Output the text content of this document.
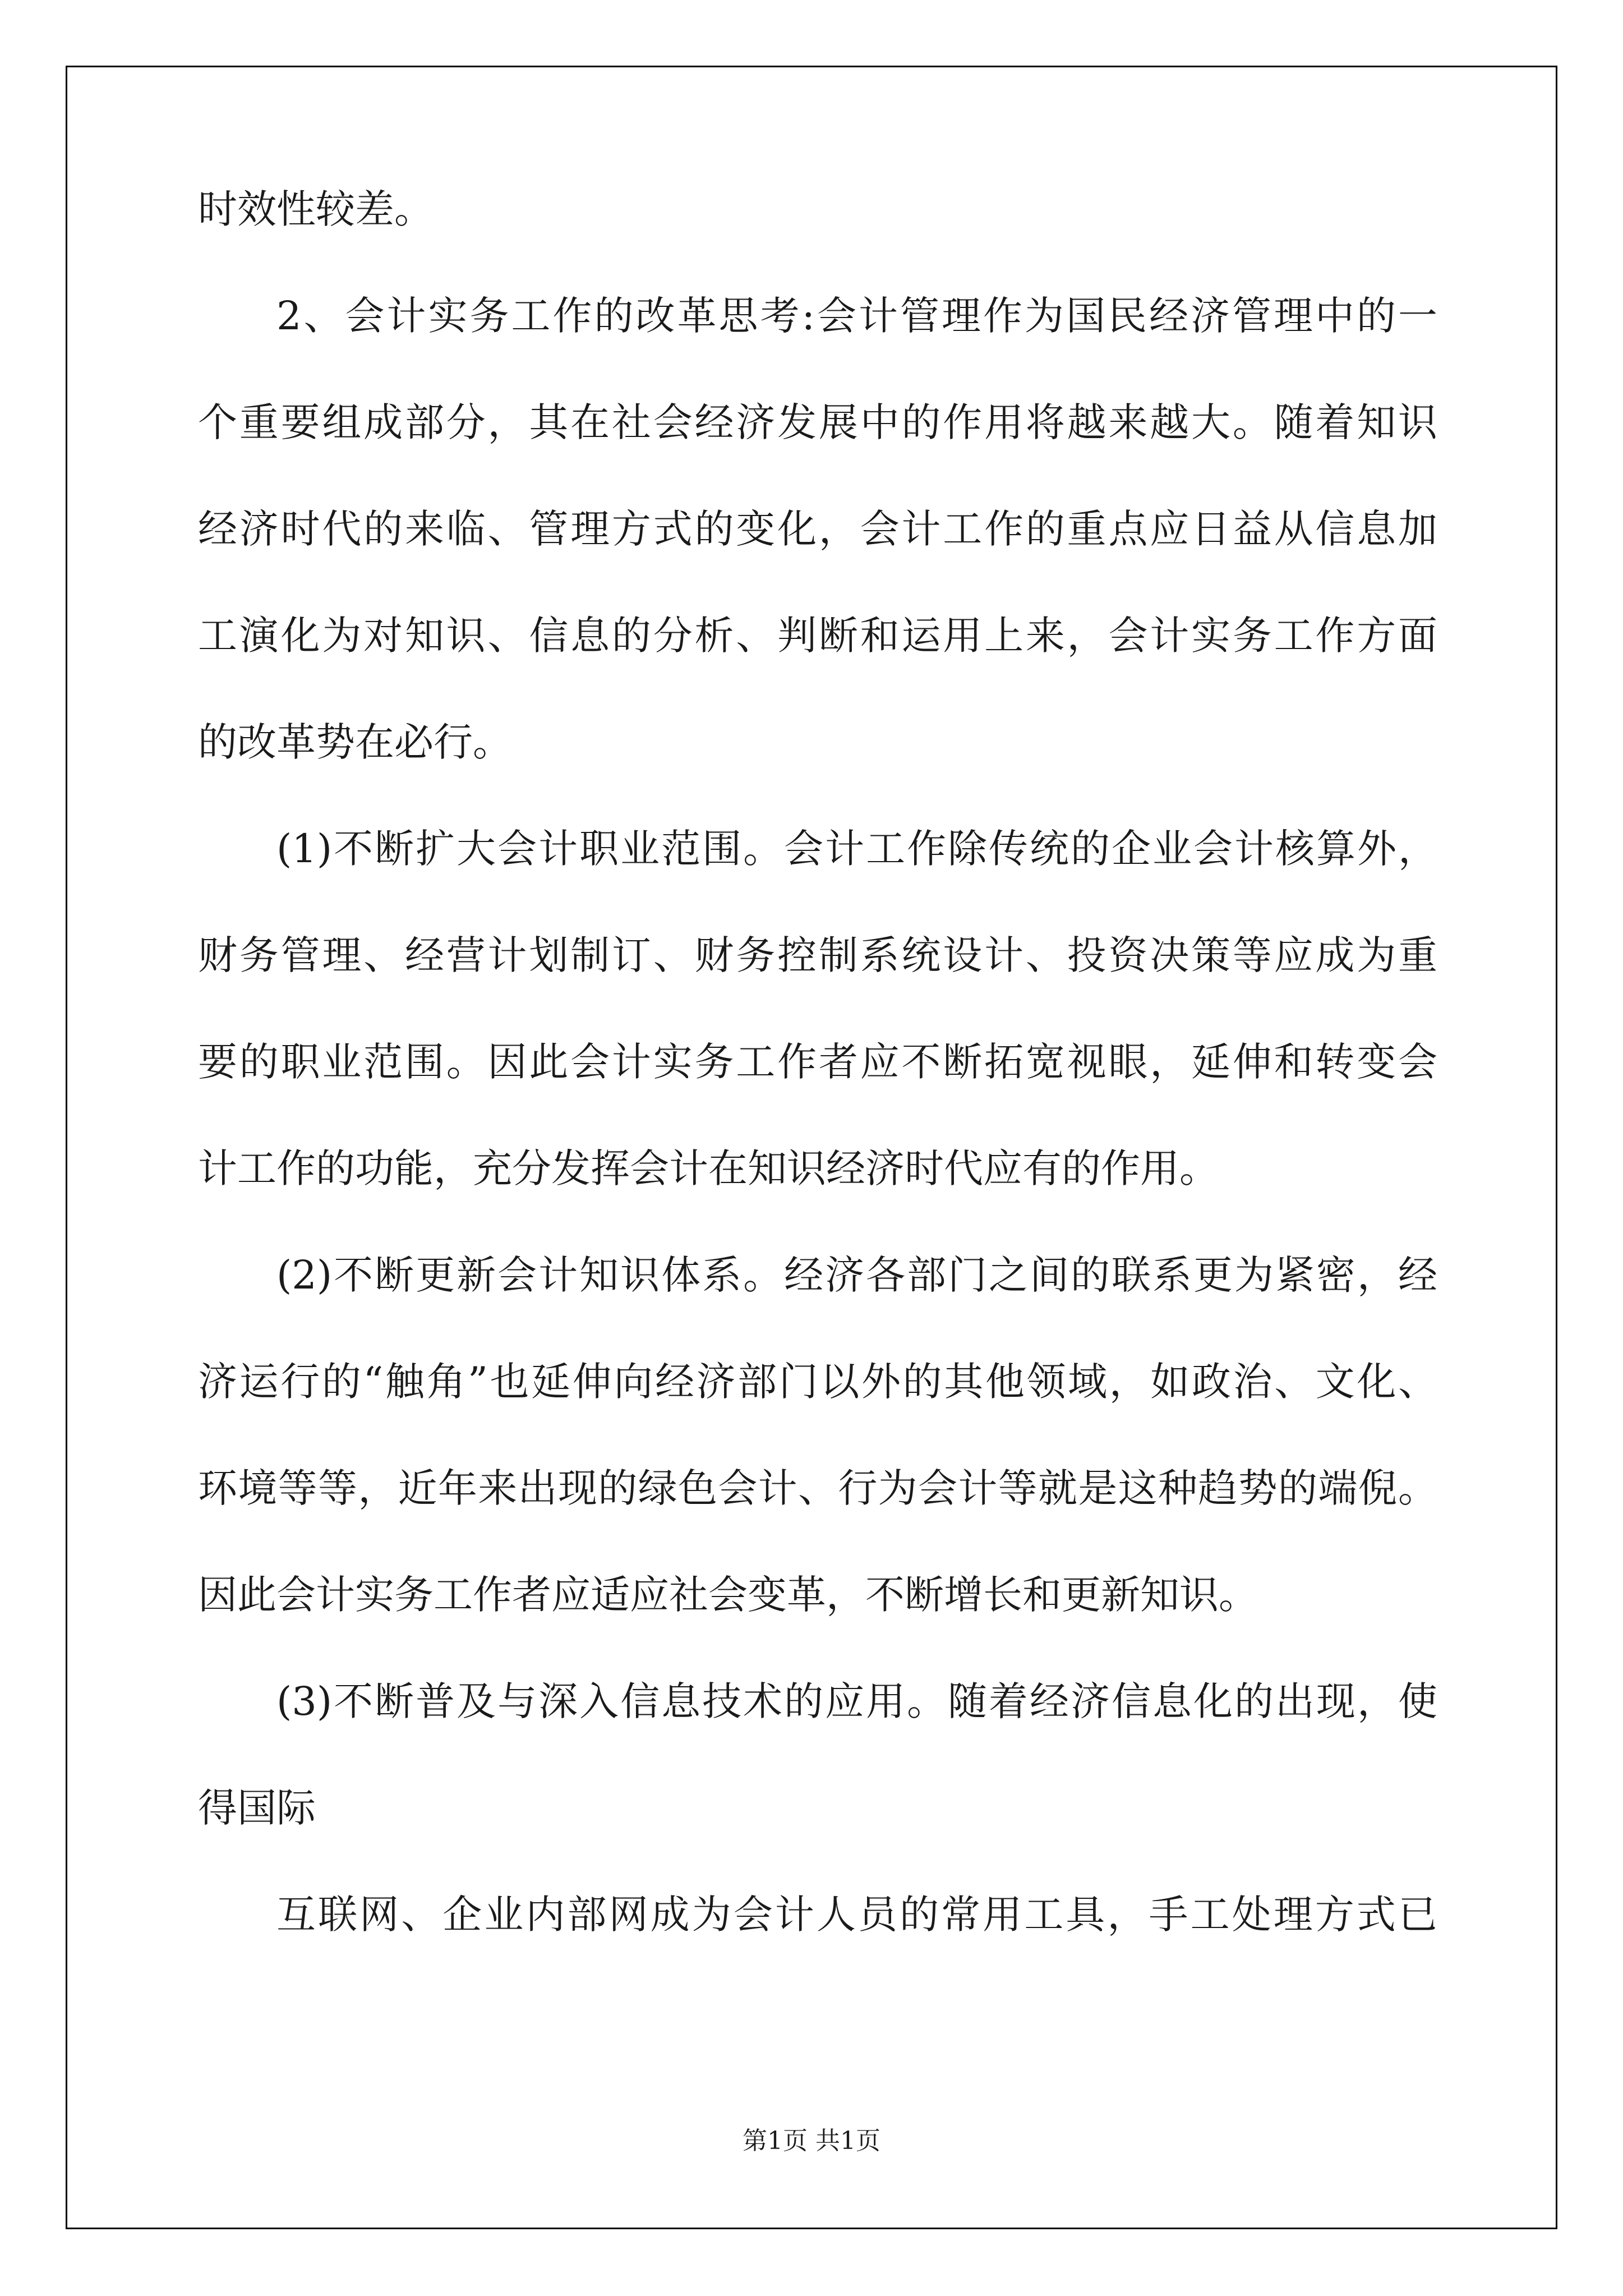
时效性较差。
2、会计实务工作的改革思考:会计管理作为国民经济管理中的一
个重要组成部分，其在社会经济发展中的作用将越来越大。随着知识
经济时代的来临、管理方式的变化，会计工作的重点应日益从信息加
工演化为对知识、信息的分析、判断和运用上来，会计实务工作方面
的改革势在必行。
(1)不断扩大会计职业范围。会计工作除传统的企业会计核算外，
财务管理、经营计划制订、财务控制系统设计、投资决策等应成为重
要的职业范围。因此会计实务工作者应不断拓宽视眼，延伸和转变会
计工作的功能，充分发挥会计在知识经济时代应有的作用。
(2)不断更新会计知识体系。经济各部门之间的联系更为紧密，经
济运行的“触角”也延伸向经济部门以外的其他领域，如政治、文化、
环境等等，近年来出现的绿色会计、行为会计等就是这种趋势的端倪。
因此会计实务工作者应适应社会变革，不断增长和更新知识。
(3)不断普及与深入信息技术的应用。随着经济信息化的出现，使
得国际
互联网、企业内部网成为会计人员的常用工具，手工处理方式已
第1页 共1页
